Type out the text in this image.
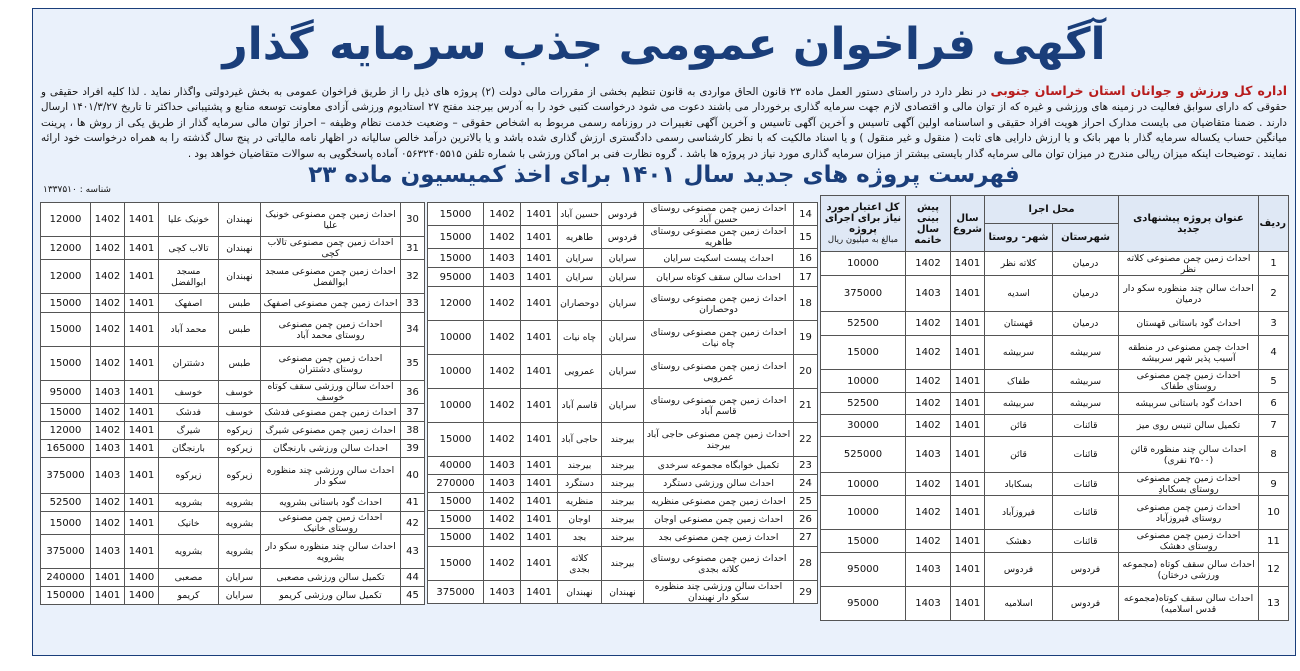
آگهی فراخوان عمومی جذب سرمایه گذار
اداره کل ورزش و جوانان استان خراسان جنوبی در نظر دارد در راستای دستور العمل ماده ۲۳ قانون الحاق مواردی به قانون تنظیم بخشی از مقررات مالی دولت (۲) پروژه های ذیل را از طریق فراخوان عمومی به بخش غیردولتی واگذار نماید . لذا کلیه افراد حقیقی و حقوقی که دارای سوابق فعالیت در زمینه های ورزشی و غیره که از توان مالی و اقتصادی لازم جهت سرمایه گذاری برخوردار می باشند دعوت می شود درخواست کتبی خود را به آدرس بیرجند مفتح ۲۷ استادیوم ورزشی آزادی معاونت توسعه منابع و پشتیبانی حداکثر تا تاریخ ۱۴۰۱/۳/۲۷ ارسال دارند . ضمنا متقاضیان می بایست مدارک احراز هویت افراد حقیقی و اساسنامه اولین آگهی تاسیس و آخرین آگهی تاسیس و آخرین آگهی تغییرات در روزنامه رسمی مربوط به اشخاص حقوقی – وضعیت خدمت نظام وظیفه – احراز توان مالی سرمایه گذار از طریق یکی از روش ها ، پرینت میانگین حساب یکساله سرمایه گذار با مهر بانک و یا ارزش دارایی های ثابت ( منقول و غیر منقول ) و یا اسناد مالکیت که با نظر کارشناسی رسمی دادگستری ارزش گذاری شده باشد و یا بالاترین درآمد خالص سالیانه در اظهار نامه مالیاتی در پنج سال گذشته را به همراه درخواست خود ارائه نمایند . توضیحات اینکه میزان ریالی مندرج در میزان توان مالی سرمایه گذار بایستی بیشتر از میزان سرمایه گذاری مورد نیاز در پروژه ها باشد . گروه نظارت فنی بر اماکن ورزشی با شماره تلفن ۰۵۶۳۲۴۰۵۵۱۵ آماده پاسخگویی به سوالات متقاضیان خواهد بود .
فهرست پروژه های جدید سال ۱۴۰۱ برای اخذ کمیسیون ماده ۲۳
شناسه : ۱۳۳۷۵۱۰
ردیف	عنوان پروژه پیشنهادی جدید	محل اجرا		سال شروع	پیش بینی سال خاتمه	کل اعتبار مورد نیاز برای اجرای پروژه
مبالغ به میلیون ریال

		شهرستان	شهر- روستا			
1	احداث زمین چمن مصنوعی کلاته نظر	درمیان	کلاته نظر	1401	1402	10000
2	احداث سالن چند منظوره سکو دار درمیان	درمیان	اسدیه	1401	1403	375000
3	احداث گود باستانی قهستان	درمیان	قهستان	1401	1402	52500
4	احداث چمن مصنوعی در منطقه آسیب پذیر شهر سربیشه	سربیشه	سربیشه	1401	1402	15000
5	احداث زمین چمن مصنوعی روستای طفاک	سربیشه	طفاک	1401	1402	10000
6	احداث گود باستانی سربیشه	سربیشه	سربیشه	1401	1402	52500
7	تکمیل سالن تنیس روی میز	قائنات	قائن	1401	1402	30000
8	احداث سالن چند منظوره قائن (۲۵۰۰ نفری)	قائنات	قائن	1401	1403	525000
9	احداث زمین چمن مصنوعی روستای بسکابادِ	قائنات	بسکاباد	1401	1402	10000
10	احداث زمین چمن مصنوعی روستای فیروزآباد	قائنات	فیروزآباد	1401	1402	10000
11	احداث زمین چمن مصنوعی روستای دهشک	قائنات	دهشک	1401	1402	15000
12	احداث سالن سقف کوتاه (مجموعه ورزشی درختان)	فردوس	فردوس	1401	1403	95000
13	احداث سالن سقف کوتاه(مجموعه قدس اسلامیه)	فردوس	اسلامیه	1401	1403	95000
14	احداث زمین چمن مصنوعی روستای حسین آباد	فردوس	حسین آباد	1401	1402	15000
15	احداث زمین چمن مصنوعی روستای طاهریه	فردوس	طاهریه	1401	1402	15000
16	احداث پیست اسکیت سرایان	سرایان	سرایان	1401	1403	15000
17	احداث سالن سقف کوتاه سرایان	سرایان	سرایان	1401	1403	95000
18	احداث زمین چمن مصنوعی روستای دوحصاران	سرایان	دوحصاران	1401	1402	12000
19	احداث زمین چمن مصنوعی روستای چاه نیات	سرایان	چاه نیات	1401	1402	10000
20	احداث زمین چمن مصنوعی روستای عمرویی	سرایان	عمرویی	1401	1402	10000
21	احداث زمین چمن مصنوعی روستای قاسم آباد	سرایان	قاسم آباد	1401	1402	10000
22	احداث زمین چمن مصنوعی حاجی آباد بیرجند	بیرجند	حاجی آباد	1401	1402	15000
23	تکمیل خوابگاه مجموعه سرخدی	بیرجند	بیرجند	1401	1403	40000
24	احداث سالن ورزشی دستگرد	بیرجند	دستگرد	1401	1403	270000
25	احداث زمین چمن مصنوعی منظریه	بیرجند	منظریه	1401	1402	15000
26	احداث زمین چمن مصنوعی اوجان	بیرجند	اوجان	1401	1402	15000
27	احداث زمین چمن مصنوعی بجد	بیرجند	بجد	1401	1402	15000
28	احداث زمین چمن مصنوعی روستای کلاته بجدی	بیرجند	کلاته بجدی	1401	1402	15000
29	احداث سالن ورزشی چند منظوره سکو دار نهبندان	نهبندان	نهبندان	1401	1403	375000
30	احداث زمین چمن مصنوعی خونیک علیا	نهبندان	خونیک علیا	1401	1402	12000
31	احداث زمین چمن مصنوعی تالاب کچی	نهبندان	تالاب کچی	1401	1402	12000
32	احداث زمین چمن مصنوعی مسجد ابوالفضل	نهبندان	مسجد ابوالفضل	1401	1402	12000
33	احداث زمین چمن مصنوعی اصفهک	طبس	اصفهک	1401	1402	15000
34	احداث زمین چمن مصنوعی روستای محمد آباد	طبس	محمد آباد	1401	1402	15000
35	احداث زمین چمن مصنوعی روستای دشتتران	طبس	دشتتران	1401	1402	15000
36	احداث سالن ورزشی سقف کوتاه خوسف	خوسف	خوسف	1401	1403	95000
37	احداث زمین چمن مصنوعی فدشک	خوسف	فدشک	1401	1402	15000
38	احداث زمین چمن مصنوعی شیرگ	زیرکوه	شیرگ	1401	1402	12000
39	احداث سالن ورزشی بارنجگان	زیرکوه	بارنجگان	1401	1403	165000
40	احداث سالن ورزشی چند منظوره سکو دار	زیرکوه	زیرکوه	1401	1403	375000
41	احداث گود باستانی بشرویه	بشرویه	بشرویه	1401	1402	52500
42	احداث زمین چمن مصنوعی روستای خانیک	بشرویه	خانیک	1401	1402	15000
43	احداث سالن چند منظوره سکو دار بشرویه	بشرویه	بشرویه	1401	1403	375000
44	تکمیل سالن ورزشی مصعبی	سرایان	مصعبی	1400	1401	240000
45	تکمیل سالن ورزشی کریمو	سرایان	کریمو	1400	1401	150000
